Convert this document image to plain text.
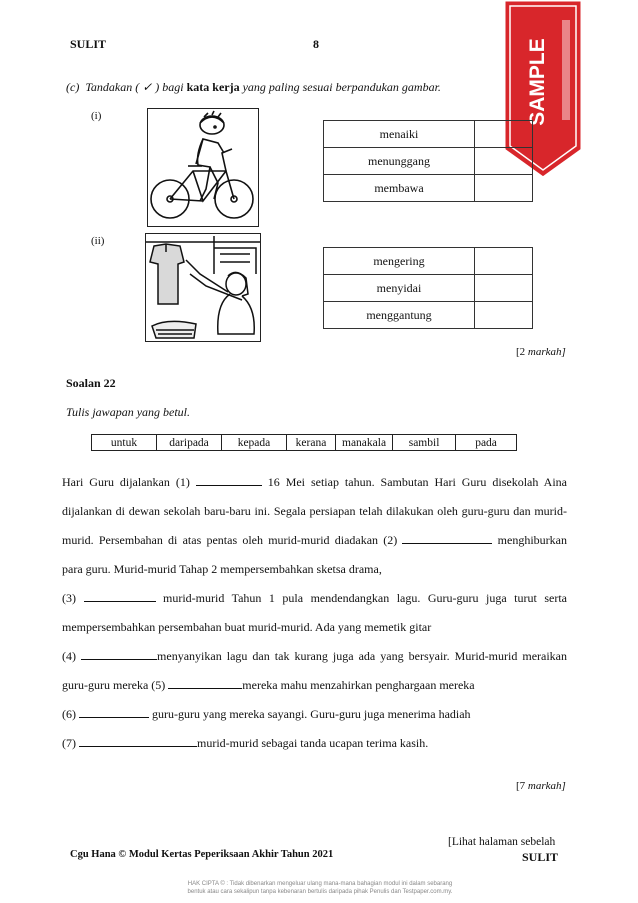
SULIT	8	SAMPLE
(c) Tandakan ( ✓ ) bagi kata kerja yang paling sesuai berpandukan gambar.
(i)
menaiki	
menunggang	
membawa	
(ii)
mengering	
menyidai	
menggantung	
[2 markah]
Soalan 22
Tulis jawapan yang betul.
untuk	daripada	kepada	kerana	manakala	sambil	pada

Hari Guru dijalankan (1)	16 Mei setiap tahun. Sambutan Hari Guru disekolah Aina dijalankan di dewan sekolah baru-baru ini. Segala persiapan telah dilakukan oleh guru-guru dan murid-murid. Persembahan di atas pentas oleh murid-murid diadakan (2)	menghiburkan para guru. Murid-murid Tahap 2 mempersembahkan sketsa drama,

(3)	murid-murid Tahun 1 pula mendendangkan lagu. Guru-guru juga turut serta mempersembahkan persembahan buat murid-murid. Ada yang memetik gitar

(4)	menyanyikan lagu dan tak kurang juga ada yang bersyair. Murid-murid meraikan guru-guru mereka (5)	mereka mahu menzahirkan penghargaan mereka

(6)	guru-guru yang mereka sayangi. Guru-guru juga menerima hadiah

(7)	murid-murid sebagai tanda ucapan terima kasih.

[7 markah]
Cgu Hana © Modul Kertas Peperiksaan Akhir Tahun 2021
[Lihat halaman sebelah
SULIT
HAK CIPTA © : Tidak dibenarkan mengeluar ulang mana-mana bahagian modul ini dalam sebarang
bentuk atau cara sekalipun tanpa kebenaran bertulis daripada pihak Penulis dan Testpaper.com.my.
